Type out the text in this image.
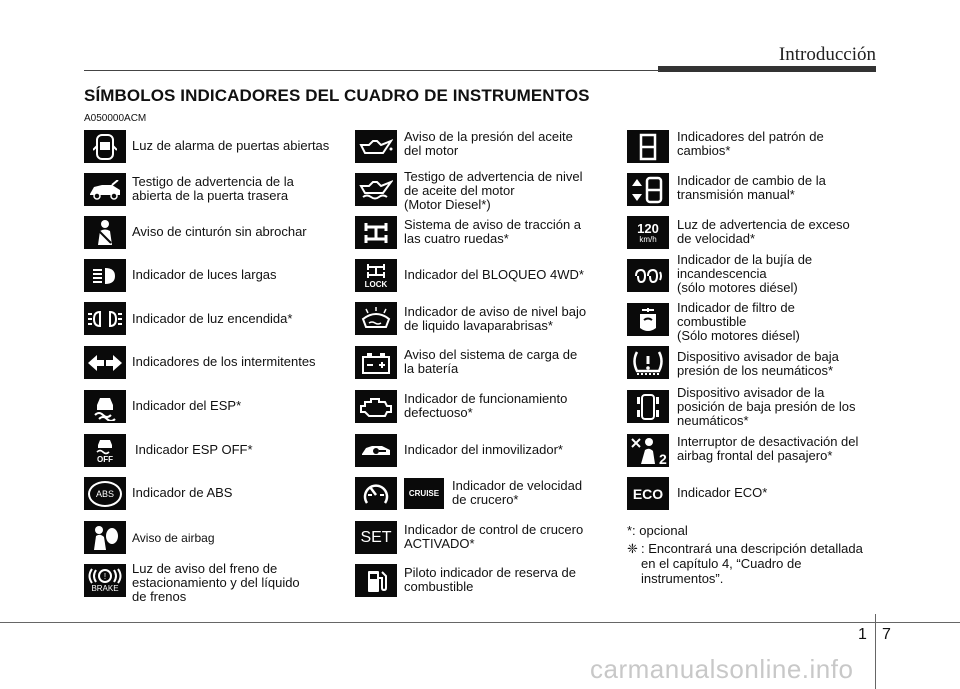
Introducción
SÍMBOLOS INDICADORES DEL CUADRO DE INSTRUMENTOS
A050000ACM
Luz de alarma de puertas abiertas
Testigo de advertencia de la
abierta de la puerta trasera
Aviso de cinturón sin abrochar
Indicador de luces largas
Indicador de luz encendida*
Indicadores de los intermitentes
Indicador del ESP*
OFF
Indicador ESP OFF*
ABS	Indicador de ABS
Aviso de airbag
!
BRAKE
Luz de aviso del freno de
estacionamiento y del líquido
de frenos
Aviso de la presión del aceite
del motor
Testigo de advertencia de nivel
de aceite del motor
(Motor Diesel*)
Sistema de aviso de tracción a
las cuatro ruedas*
LOCK
Indicador del BLOQUEO 4WD*
Indicador de aviso de nivel bajo
de liquido lavaparabrisas*
Aviso del sistema de carga de
la batería
Indicador de funcionamiento
defectuoso*
Indicador del inmovilizador*
CRUISE
Indicador de velocidad
de crucero*
SET Indicador de control de crucero
ACTIVADO*
Piloto indicador de reserva de
combustible
Indicadores del patrón de
cambios*
Indicador de cambio de la
transmisión manual*
120
km/h
Luz de advertencia de exceso
de velocidad*
Indicador de la bujía de
incandescencia
(sólo motores diésel)
Indicador de filtro de
combustible
(Sólo motores diésel)
Dispositivo avisador de baja
presión de los neumáticos*
Dispositivo avisador de la
posición de baja presión de los
neumáticos*
2
Interruptor de desactivación del
airbag frontal del pasajero*
ECO Indicador ECO*
*: opcional
❈ : Encontrará una descripción detallada
en el capítulo 4, “Cuadro de
instrumentos”.
1 7
carmanualsonline.info
